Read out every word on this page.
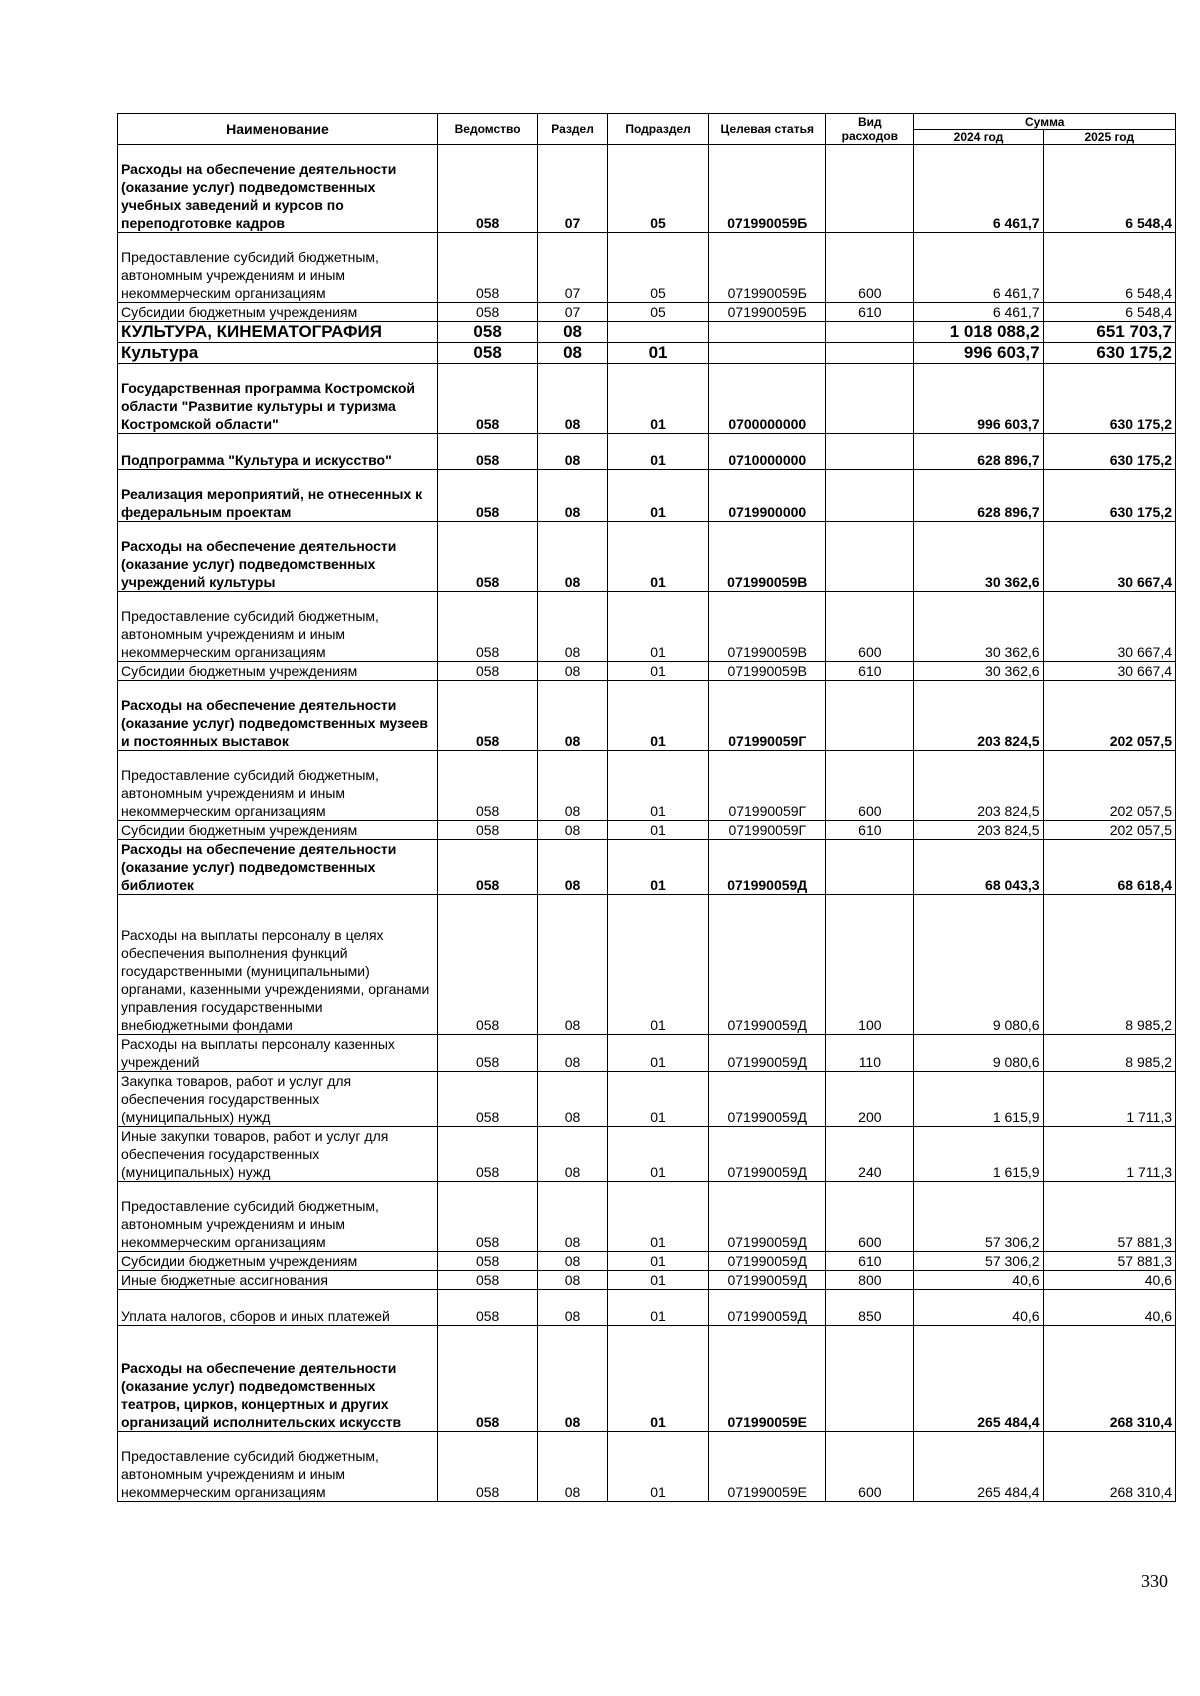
Наименование	Ведомство	Раздел	Подраздел	Целевая статья	Вид расходов	Сумма	
						2024 год	2025 год
Расходы на обеспечение деятельности (оказание услуг) подведомственных учебных заведений и курсов по переподготовке кадров	058	07	05	071990059Б		6 461,7	6 548,4
Предоставление субсидий бюджетным, автономным учреждениям и иным некоммерческим организациям	058	07	05	071990059Б	600	6 461,7	6 548,4
Субсидии бюджетным учреждениям	058	07	05	071990059Б	610	6 461,7	6 548,4
КУЛЬТУРА, КИНЕМАТОГРАФИЯ	058	08				1 018 088,2	651 703,7
Культура	058	08	01			996 603,7	630 175,2
Государственная программа Костромской области "Развитие культуры и туризма Костромской области"	058	08	01	0700000000		996 603,7	630 175,2
Подпрограмма "Культура и искусство"	058	08	01	0710000000		628 896,7	630 175,2
Реализация мероприятий, не отнесенных к федеральным проектам	058	08	01	0719900000		628 896,7	630 175,2
Расходы на обеспечение деятельности (оказание услуг) подведомственных учреждений культуры	058	08	01	071990059В		30 362,6	30 667,4
Предоставление субсидий бюджетным, автономным учреждениям и иным некоммерческим организациям	058	08	01	071990059В	600	30 362,6	30 667,4
Субсидии бюджетным учреждениям	058	08	01	071990059В	610	30 362,6	30 667,4
Расходы на обеспечение деятельности (оказание услуг) подведомственных музеев и постоянных выставок	058	08	01	071990059Г		203 824,5	202 057,5
Предоставление субсидий бюджетным, автономным учреждениям и иным некоммерческим организациям	058	08	01	071990059Г	600	203 824,5	202 057,5
Субсидии бюджетным учреждениям	058	08	01	071990059Г	610	203 824,5	202 057,5
Расходы на обеспечение деятельности (оказание услуг) подведомственных библиотек	058	08	01	071990059Д		68 043,3	68 618,4
Расходы на выплаты персоналу в целях обеспечения выполнения функций государственными (муниципальными) органами, казенными учреждениями, органами управления государственными внебюджетными фондами	058	08	01	071990059Д	100	9 080,6	8 985,2
Расходы на выплаты персоналу казенных учреждений	058	08	01	071990059Д	110	9 080,6	8 985,2
Закупка товаров, работ и услуг для обеспечения государственных (муниципальных) нужд	058	08	01	071990059Д	200	1 615,9	1 711,3
Иные закупки товаров, работ и услуг для обеспечения государственных (муниципальных) нужд	058	08	01	071990059Д	240	1 615,9	1 711,3
Предоставление субсидий бюджетным, автономным учреждениям и иным некоммерческим организациям	058	08	01	071990059Д	600	57 306,2	57 881,3
Субсидии бюджетным учреждениям	058	08	01	071990059Д	610	57 306,2	57 881,3
Иные бюджетные ассигнования	058	08	01	071990059Д	800	40,6	40,6
Уплата налогов, сборов и иных платежей	058	08	01	071990059Д	850	40,6	40,6
Расходы на обеспечение деятельности (оказание услуг) подведомственных театров, цирков, концертных и других организаций исполнительских искусств	058	08	01	071990059Е		265 484,4	268 310,4
Предоставление субсидий бюджетным, автономным учреждениям и иным некоммерческим организациям	058	08	01	071990059Е	600	265 484,4	268 310,4
330
